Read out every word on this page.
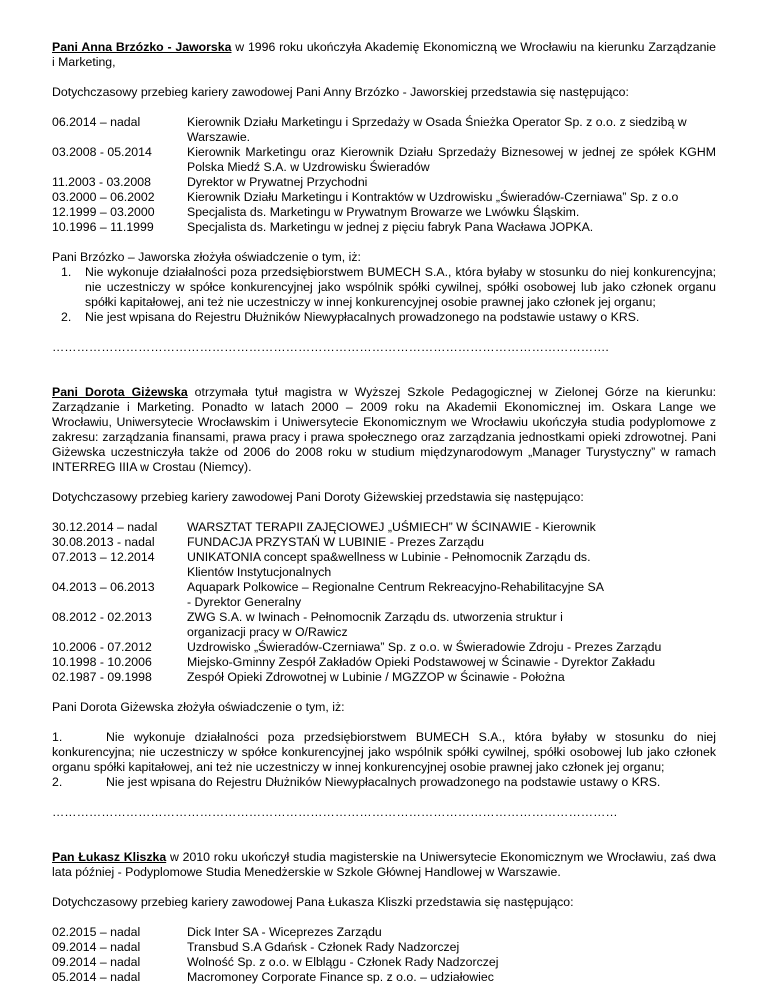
Pani Anna Brzózko - Jaworska w 1996 roku ukończyła Akademię Ekonomiczną we Wrocławiu na kierunku Zarządzanie i Marketing,

Dotychczasowy przebieg kariery zawodowej Pani Anny Brzózko - Jaworskiej przedstawia się następująco:

06.2014 – nadal	Kierownik Działu Marketingu i Sprzedaży w Osada Śnieżka Operator Sp. z o.o. z siedzibą w Warszawie.
03.2008 - 05.2014	Kierownik Marketingu oraz Kierownik Działu Sprzedaży Biznesowej w jednej ze spółek KGHM Polska Miedź S.A. w Uzdrowisku Świeradów
11.2003 - 03.2008	Dyrektor w Prywatnej Przychodni
03.2000 – 06.2002	Kierownik Działu Marketingu i Kontraktów w Uzdrowisku „Świeradów-Czerniawa” Sp. z o.o
12.1999 – 03.2000	Specjalista ds. Marketingu w Prywatnym Browarze we Lwówku Śląskim.
10.1996 – 11.1999	Specjalista ds. Marketingu w jednej z pięciu fabryk Pana Wacława JOPKA.

Pani Brzózko – Jaworska złożyła oświadczenie o tym, iż:

1.	Nie wykonuje działalności poza przedsiębiorstwem BUMECH S.A., która byłaby w stosunku do niej konkurencyjna; nie uczestniczy w spółce konkurencyjnej jako wspólnik spółki cywilnej, spółki osobowej lub jako członek organu spółki kapitałowej, ani też nie uczestniczy w innej konkurencyjnej osobie prawnej jako członek jej organu;
2.	Nie jest wpisana do Rejestru Dłużników Niewypłacalnych prowadzonego na podstawie ustawy o KRS.

……………………………………………………………………………………………………………………….

Pani Dorota Giżewska otrzymała tytuł magistra w Wyższej Szkole Pedagogicznej w Zielonej Górze na kierunku: Zarządzanie i Marketing. Ponadto w latach 2000 – 2009 roku na Akademii Ekonomicznej im. Oskara Lange we Wrocławiu, Uniwersytecie Wrocławskim i Uniwersytecie Ekonomicznym we Wrocławiu ukończyła studia podyplomowe z zakresu: zarządzania finansami, prawa pracy i prawa społecznego oraz zarządzania jednostkami opieki zdrowotnej. Pani Giżewska uczestniczyła także od 2006 do 2008 roku w studium międzynarodowym „Manager Turystyczny” w ramach INTERREG IIIA w Crostau (Niemcy).

Dotychczasowy przebieg kariery zawodowej Pani Doroty Giżewskiej przedstawia się następująco:

30.12.2014 – nadal	WARSZTAT TERAPII ZAJĘCIOWEJ „UŚMIECH” W ŚCINAWIE - Kierownik
30.08.2013 - nadal	FUNDACJA PRZYSTAŃ W LUBINIE - Prezes Zarządu
07.2013 – 12.2014	UNIKATONIA concept spa&wellness w Lubinie - Pełnomocnik Zarządu ds. Klientów Instytucjonalnych
04.2013 – 06.2013	Aquapark Polkowice – Regionalne Centrum Rekreacyjno-Rehabilitacyjne SA - Dyrektor Generalny
08.2012 - 02.2013	ZWG S.A. w Iwinach - Pełnomocnik Zarządu ds. utworzenia struktur i organizacji pracy w O/Rawicz
10.2006 - 07.2012	Uzdrowisko „Świeradów-Czerniawa” Sp. z o.o. w Świeradowie Zdroju - Prezes Zarządu
10.1998 - 10.2006	Miejsko-Gminny Zespół Zakładów Opieki Podstawowej w Ścinawie - Dyrektor Zakładu
02.1987 - 09.1998	Zespół Opieki Zdrowotnej w Lubinie / MGZZOP w Ścinawie - Położna

Pani Dorota Giżewska złożyła oświadczenie o tym, iż:

1.	Nie wykonuje działalności poza przedsiębiorstwem BUMECH S.A., która byłaby w stosunku do niej konkurencyjna; nie uczestniczy w spółce konkurencyjnej jako wspólnik spółki cywilnej, spółki osobowej lub jako członek organu spółki kapitałowej, ani też nie uczestniczy w innej konkurencyjnej osobie prawnej jako członek jej organu;

2.	Nie jest wpisana do Rejestru Dłużników Niewypłacalnych prowadzonego na podstawie ustawy o KRS.

…………………………………………………………………………………………………………………………

Pan Łukasz Kliszka w 2010 roku ukończył studia magisterskie na Uniwersytecie Ekonomicznym we Wrocławiu, zaś dwa lata później - Podyplomowe Studia Menedżerskie w Szkole Głównej Handlowej w Warszawie.

Dotychczasowy przebieg kariery zawodowej Pana Łukasza Kliszki przedstawia się następująco:

02.2015 – nadal	Dick Inter SA - Wiceprezes Zarządu
09.2014 – nadal	Transbud S.A Gdańsk - Członek Rady Nadzorczej
09.2014 – nadal	Wolność Sp. z o.o. w Elblągu - Członek Rady Nadzorczej
05.2014 – nadal	Macromoney Corporate Finance sp. z o.o. – udziałowiec
